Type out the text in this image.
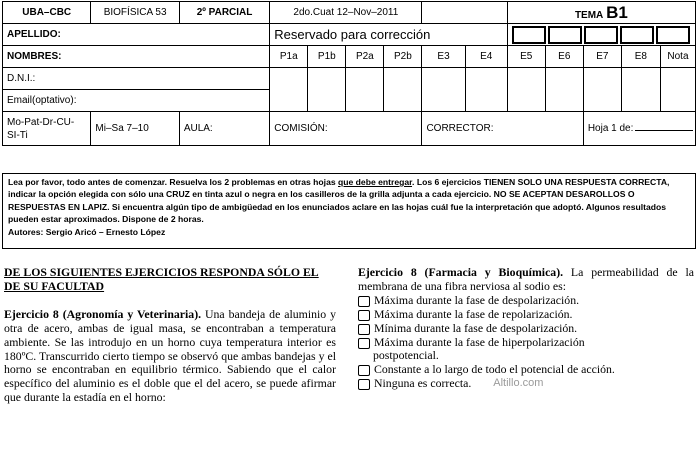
UBA–CBC	BIOFÍSICA 53	2º PARCIAL	2do.Cuat 12–Nov–2011						TEMA B1				
APELLIDO:			Reservado para corrección										
NOMBRES:			P1a	P1b	P2a	P2b	E3	E4	E5	E6	E7	E8	Nota
D.N.I.:													
Email(optativo):													
Mo-Pat-Dr-CU-SI-Ti	Mi–Sa 7–10	AULA:	COMISIÓN:				CORRECTOR:				Hoja 1 de:		
Lea por favor, todo antes de comenzar. Resuelva los 2 problemas en otras hojas que debe entregar. Los 6 ejercicios TIENEN SOLO UNA RESPUESTA CORRECTA, indicar la opción elegida con sólo una CRUZ en tinta azul o negra en los casilleros de la grilla adjunta a cada ejercicio. NO SE ACEPTAN DESAROLLOS O RESPUESTAS EN LAPIZ. Si encuentra algún tipo de ambigüedad en los enunciados aclare en las hojas cuál fue la interpretación que adoptó. Algunos resultados pueden estar aproximados. Dispone de 2 horas.
Autores: Sergio Aricó – Ernesto López
DE LOS SIGUIENTES EJERCICIOS RESPONDA SÓLO EL DE SU FACULTAD

Ejercicio 8 (Agronomía y Veterinaria). Una bandeja de aluminio y otra de acero, ambas de igual masa, se encontraban a temperatura ambiente. Se las introdujo en un horno cuya temperatura interior es 180ºC. Transcurrido cierto tiempo se observó que ambas bandejas y el horno se encontraban en equilibrio térmico. Sabiendo que el calor específico del aluminio es el doble que el del acero, se puede afirmar que durante la estadía en el horno:

Ejercicio 8 (Farmacia y Bioquímica). La permeabilidad de la membrana de una fibra nerviosa al sodio es:

Máxima durante la fase de despolarización.
Máxima durante la fase de repolarización.
Mínima durante la fase de despolarización.
Máxima durante la fase de hiperpolarización
postpotencial.
Constante a lo largo de todo el potencial de acción.
Ninguna es correcta. Altillo.com
